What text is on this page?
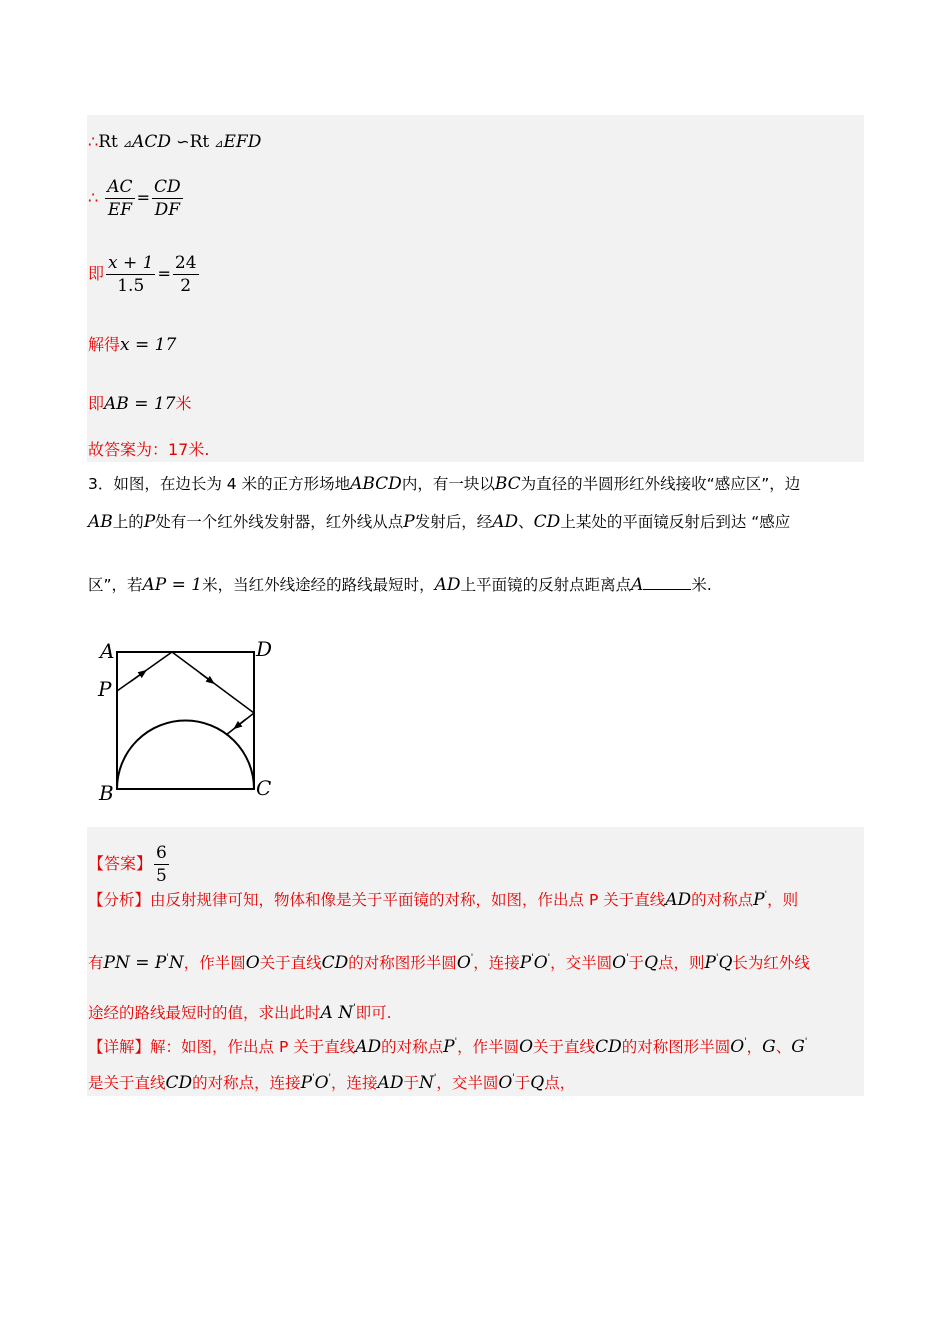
∴Rt ⊿ACD ∽Rt ⊿EFD
∴ $\frac{AC}{EF} = \frac{CD}{DF}$
即 $\frac{x + 1}{1.5} = \frac{24}{2}$
解得x = 17
即AB = 17米
故答案为：17米.
3．如图，在边长为 4 米的正方形场地ABCD内，有一块以BC为直径的半圆形红外线接收“感应区”，边
AB上的P处有一个红外线发射器，红外线从点P发射后，经AD、CD上某处的平面镜反射后到达 “感应
区”，若AP = 1米，当红外线途经的路线最短时，AD上平面镜的反射点距离点A	米.
A	D
P
B	C
【答案】 $\frac{6}{5}$
【分析】由反射规律可知，物体和像是关于平面镜的对称，如图，作出点 P 关于直线AD的对称点P'，则
有PN = P'N，作半圆O关于直线CD的对称图形半圆O'，连接P'O'，交半圆O'于Q点，则P'Q长为红外线
途经的路线最短时的值，求出此时A N'即可.
【详解】解：如图，作出点 P 关于直线AD的对称点P'，作半圆O关于直线CD的对称图形半圆O'，G、G'
是关于直线CD的对称点，连接P'O'，连接AD于N'，交半圆O'于Q点，
